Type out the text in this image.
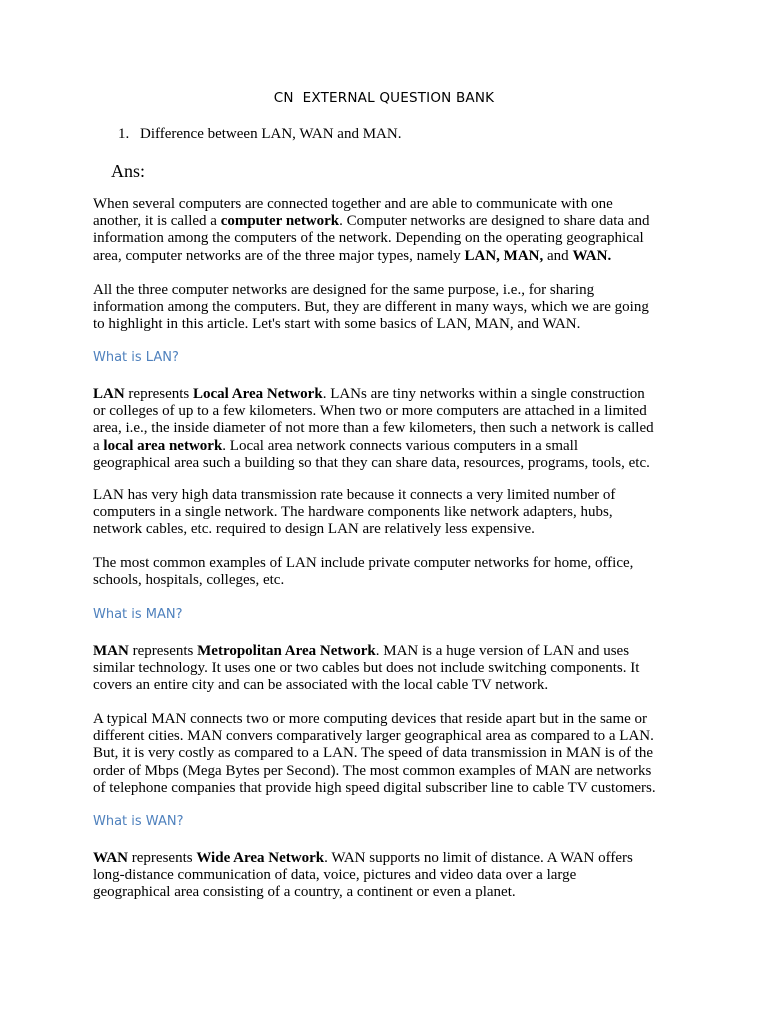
CN  EXTERNAL QUESTION BANK
1. Difference between LAN, WAN and MAN.
Ans:

When several computers are connected together and are able to communicate with one
another, it is called a computer network. Computer networks are designed to share data and
information among the computers of the network. Depending on the operating geographical
area, computer networks are of the three major types, namely LAN, MAN, and WAN.

All the three computer networks are designed for the same purpose, i.e., for sharing
information among the computers. But, they are different in many ways, which we are going
to highlight in this article. Let's start with some basics of LAN, MAN, and WAN.

What is LAN?

LAN represents Local Area Network. LANs are tiny networks within a single construction
or colleges of up to a few kilometers. When two or more computers are attached in a limited
area, i.e., the inside diameter of not more than a few kilometers, then such a network is called
a local area network. Local area network connects various computers in a small
geographical area such a building so that they can share data, resources, programs, tools, etc.

LAN has very high data transmission rate because it connects a very limited number of
computers in a single network. The hardware components like network adapters, hubs,
network cables, etc. required to design LAN are relatively less expensive.

The most common examples of LAN include private computer networks for home, office,
schools, hospitals, colleges, etc.

What is MAN?

MAN represents Metropolitan Area Network. MAN is a huge version of LAN and uses
similar technology. It uses one or two cables but does not include switching components. It
covers an entire city and can be associated with the local cable TV network.

A typical MAN connects two or more computing devices that reside apart but in the same or
different cities. MAN convers comparatively larger geographical area as compared to a LAN.
But, it is very costly as compared to a LAN. The speed of data transmission in MAN is of the
order of Mbps (Mega Bytes per Second). The most common examples of MAN are networks
of telephone companies that provide high speed digital subscriber line to cable TV customers.

What is WAN?

WAN represents Wide Area Network. WAN supports no limit of distance. A WAN offers
long-distance communication of data, voice, pictures and video data over a large
geographical area consisting of a country, a continent or even a planet.
